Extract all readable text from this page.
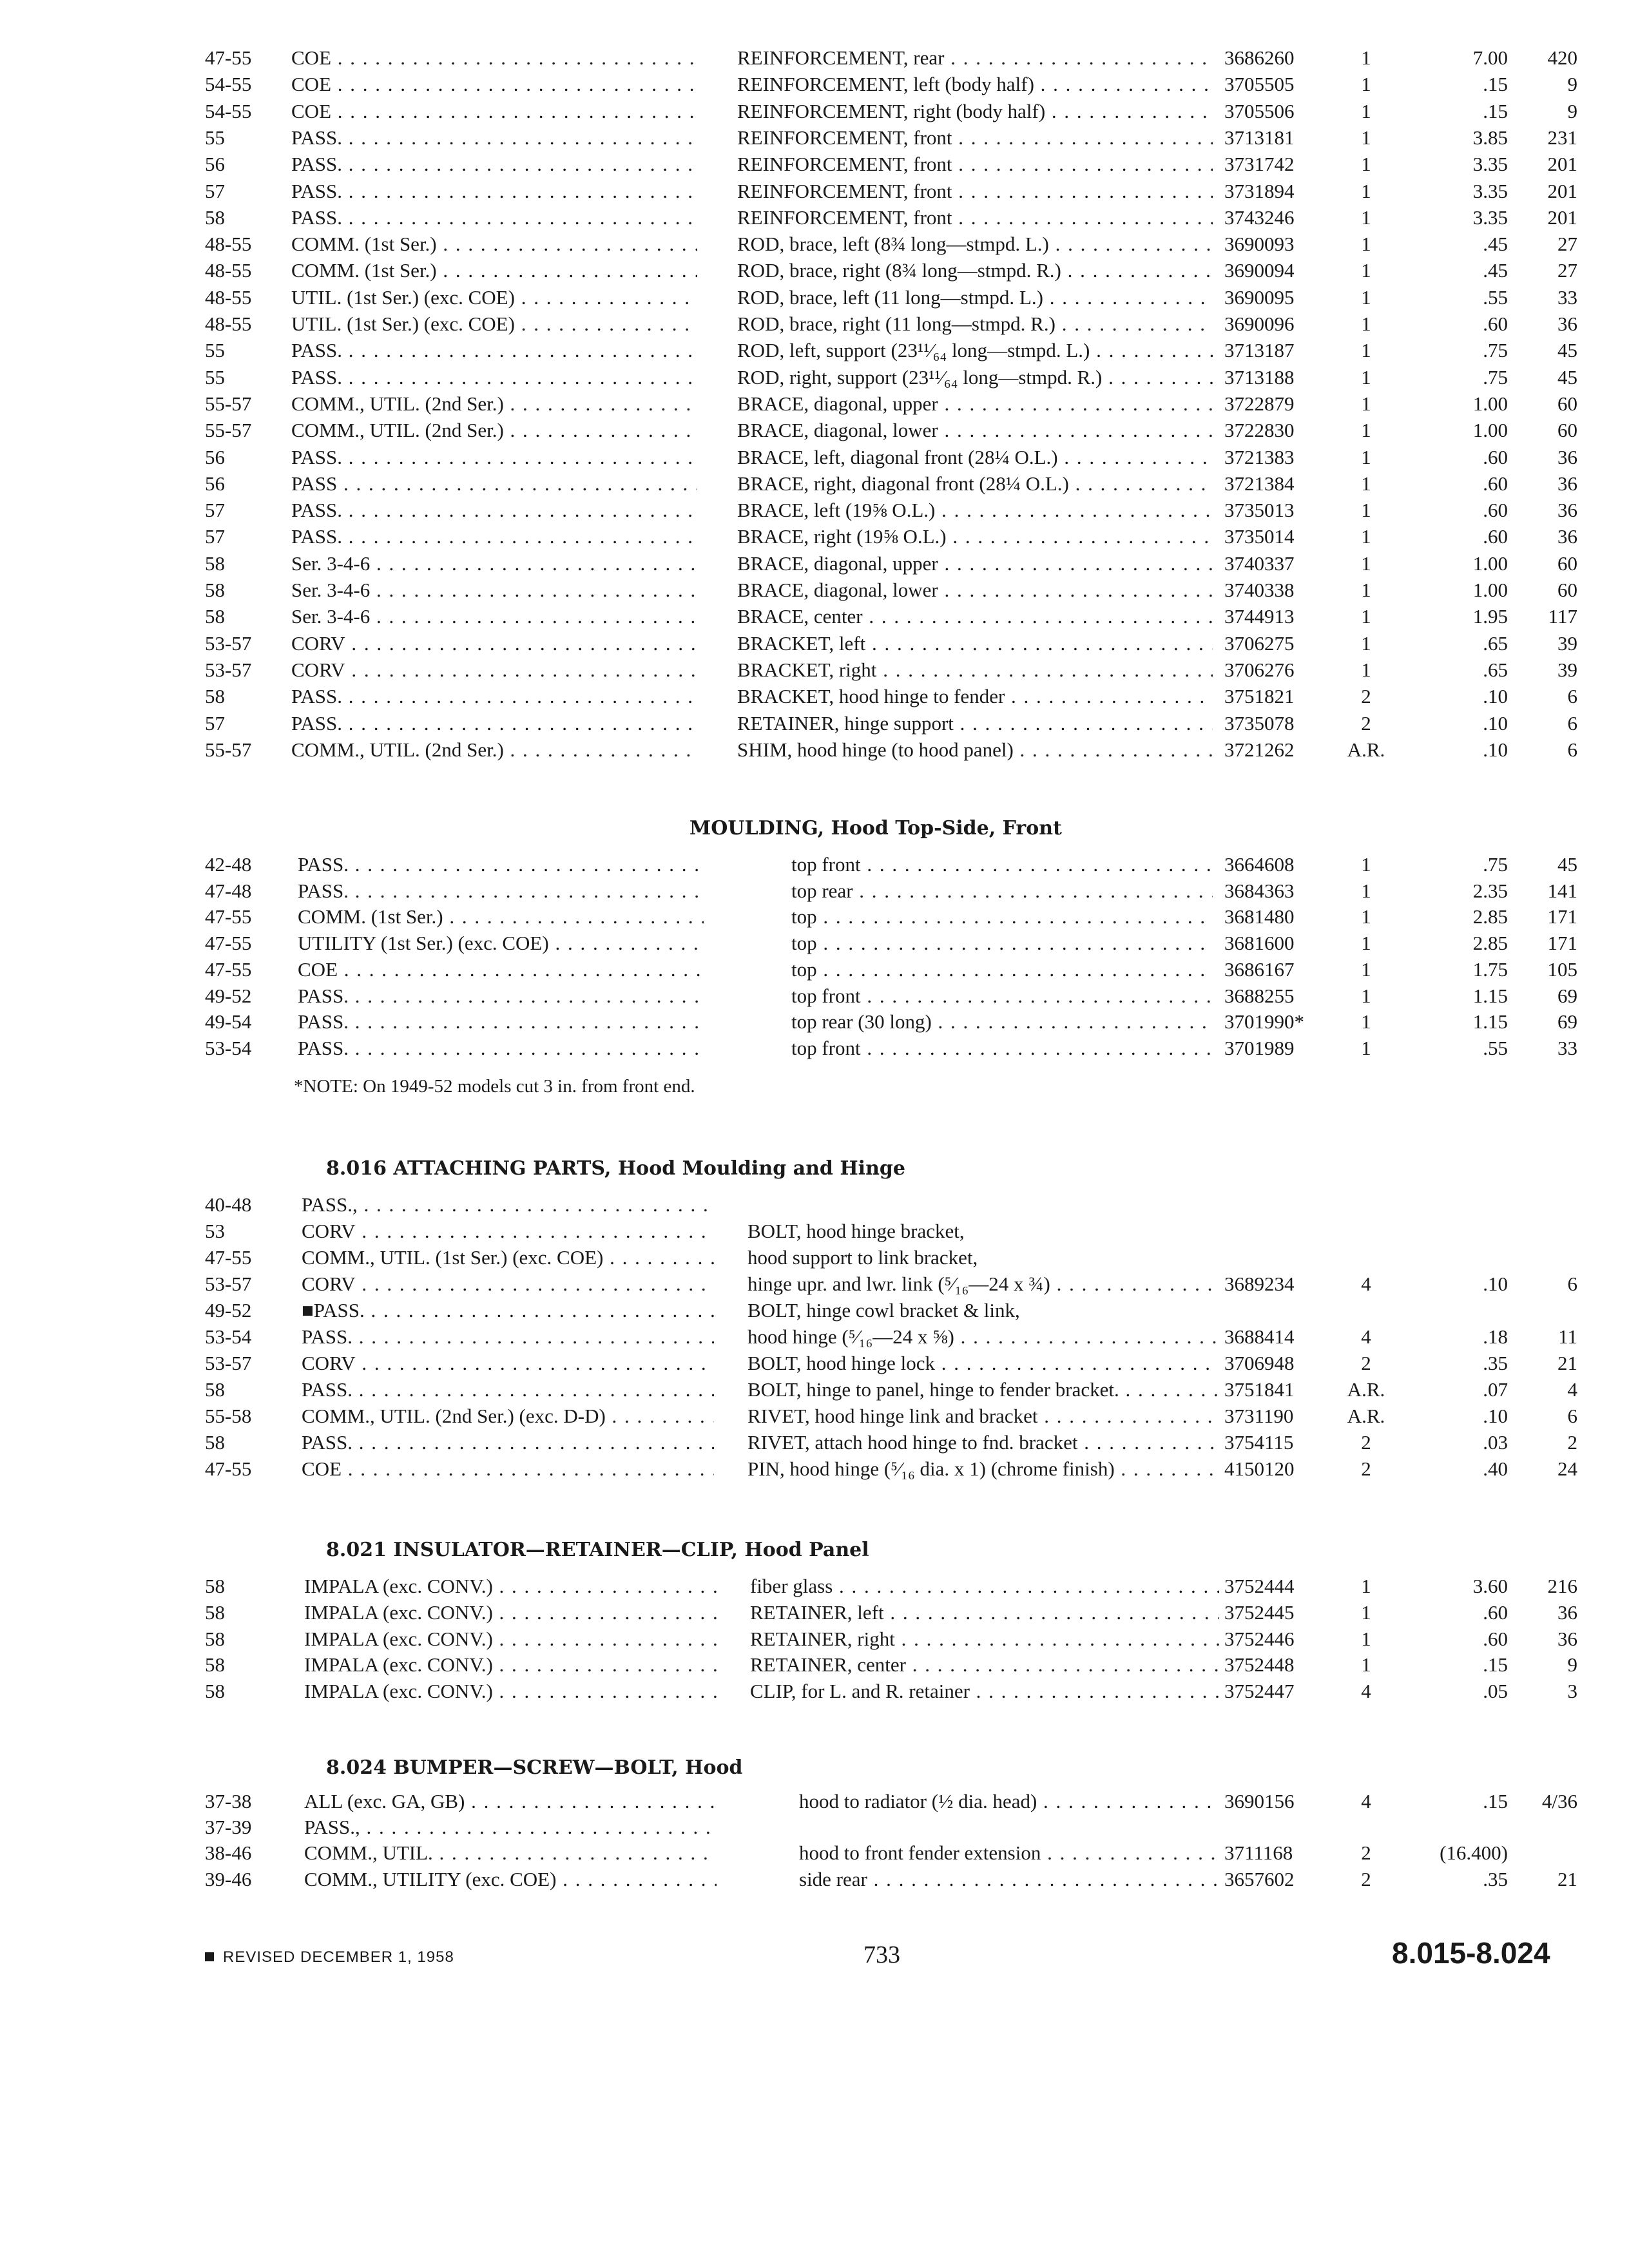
47-55	COE . . .	REINFORCEMENT, rear . . .	3686260	1	7.00	420
54-55	COE . . .	REINFORCEMENT, left (body half) . . .	3705505	1	.15	9
54-55	COE . . .	REINFORCEMENT, right (body half) . . .	3705506	1	.15	9
55	PASS. . . .	REINFORCEMENT, front . . .	3713181	1	3.85	231
56	PASS. . . .	REINFORCEMENT, front . . .	3731742	1	3.35	201
57	PASS. . . .	REINFORCEMENT, front . . .	3731894	1	3.35	201
58	PASS. . . .	REINFORCEMENT, front . . .	3743246	1	3.35	201
48-55	COMM. (1st Ser.) . . .	ROD, brace, left (8¾ long—stmpd. L.) . . .	3690093	1	.45	27
48-55	COMM. (1st Ser.) . . .	ROD, brace, right (8¾ long—stmpd. R.) . . .	3690094	1	.45	27
48-55	UTIL. (1st Ser.) (exc. COE) . . .	ROD, brace, left (11 long—stmpd. L.) . . .	3690095	1	.55	33
48-55	UTIL. (1st Ser.) (exc. COE) . . .	ROD, brace, right (11 long—stmpd. R.) . . .	3690096	1	.60	36
55	PASS. . . .	ROD, left, support (23¹¹⁄₆₄ long—stmpd. L.) . . .	3713187	1	.75	45
55	PASS. . . .	ROD, right, support (23¹¹⁄₆₄ long—stmpd. R.) . . .	3713188	1	.75	45
55-57	COMM., UTIL. (2nd Ser.) . . .	BRACE, diagonal, upper . . .	3722879	1	1.00	60
55-57	COMM., UTIL. (2nd Ser.) . . .	BRACE, diagonal, lower . . .	3722830	1	1.00	60
56	PASS. . . .	BRACE, left, diagonal front (28¼ O.L.) . . .	3721383	1	.60	36
56	PASS . . .	BRACE, right, diagonal front (28¼ O.L.) . . .	3721384	1	.60	36
57	PASS. . . .	BRACE, left (19⅝ O.L.) . . .	3735013	1	.60	36
57	PASS. . . .	BRACE, right (19⅝ O.L.) . . .	3735014	1	.60	36
58	Ser. 3-4-6 . . .	BRACE, diagonal, upper . . .	3740337	1	1.00	60
58	Ser. 3-4-6 . . .	BRACE, diagonal, lower . . .	3740338	1	1.00	60
58	Ser. 3-4-6 . . .	BRACE, center . . .	3744913	1	1.95	117
53-57	CORV . . .	BRACKET, left . . .	3706275	1	.65	39
53-57	CORV . . .	BRACKET, right . . .	3706276	1	.65	39
58	PASS. . . .	BRACKET, hood hinge to fender . . .	3751821	2	.10	6
57	PASS. . . .	RETAINER, hinge support . . .	3735078	2	.10	6
55-57	COMM., UTIL. (2nd Ser.) . . .	SHIM, hood hinge (to hood panel) . . .	3721262	A.R.	.10	6
42-48	PASS. . . .	top front . . .	3664608	1	.75	45
47-48	PASS. . . .	top rear . . .	3684363	1	2.35	141
47-55	COMM. (1st Ser.) . . .	top . . .	3681480	1	2.85	171
47-55	UTILITY (1st Ser.) (exc. COE) . . .	top . . .	3681600	1	2.85	171
47-55	COE . . .	top . . .	3686167	1	1.75	105
49-52	PASS. . . .	top front . . .	3688255	1	1.15	69
49-54	PASS. . . .	top rear (30 long) . . .	3701990*	1	1.15	69
53-54	PASS. . . .	top front . . .	3701989	1	.55	33
40-48	PASS., . . .
53	CORV . . .	BOLT, hood hinge bracket,
47-55	COMM., UTIL. (1st Ser.) (exc. COE) . . .	hood support to link bracket,
53-57	CORV . . .	hinge upr. and lwr. link (⁵⁄₁₆—24 x ¾) . . .	3689234	4	.10	6
49-52	■PASS. . . .	BOLT, hinge cowl bracket & link,
53-54	PASS. . . .	hood hinge (⁵⁄₁₆—24 x ⅝) . . .	3688414	4	.18	11
53-57	CORV . . .	BOLT, hood hinge lock . . .	3706948	2	.35	21
58	PASS. . . .	BOLT, hinge to panel, hinge to fender bracket. . . .	3751841	A.R.	.07	4
55-58	COMM., UTIL. (2nd Ser.) (exc. D-D) . . .	RIVET, hood hinge link and bracket . . .	3731190	A.R.	.10	6
58	PASS. . . .	RIVET, attach hood hinge to fnd. bracket . . .	3754115	2	.03	2
47-55	COE . . .	PIN, hood hinge (⁵⁄₁₆ dia. x 1) (chrome finish) . . .	4150120	2	.40	24
58	IMPALA (exc. CONV.) . . .	fiber glass . . .	3752444	1	3.60	216
58	IMPALA (exc. CONV.) . . .	RETAINER, left . . .	3752445	1	.60	36
58	IMPALA (exc. CONV.) . . .	RETAINER, right . . .	3752446	1	.60	36
58	IMPALA (exc. CONV.) . . .	RETAINER, center . . .	3752448	1	.15	9
58	IMPALA (exc. CONV.) . . .	CLIP, for L. and R. retainer . . .	3752447	4	.05	3
37-38	ALL (exc. GA, GB) . . .	hood to radiator (½ dia. head) . . .	3690156	4	.15	4/36
37-39	PASS., . . .
38-46	COMM., UTIL. . . .	hood to front fender extension . . .	3711168	2	(16.400)
39-46	COMM., UTILITY (exc. COE) . . .	side rear . . .	3657602	2	.35	21
MOULDING, Hood Top-Side, Front
*NOTE: On 1949-52 models cut 3 in. from front end.
8.016 ATTACHING PARTS, Hood Moulding and Hinge
8.021 INSULATOR—RETAINER—CLIP, Hood Panel
8.024 BUMPER—SCREW—BOLT, Hood
REVISED DECEMBER 1, 1958	733	8.015-8.024
